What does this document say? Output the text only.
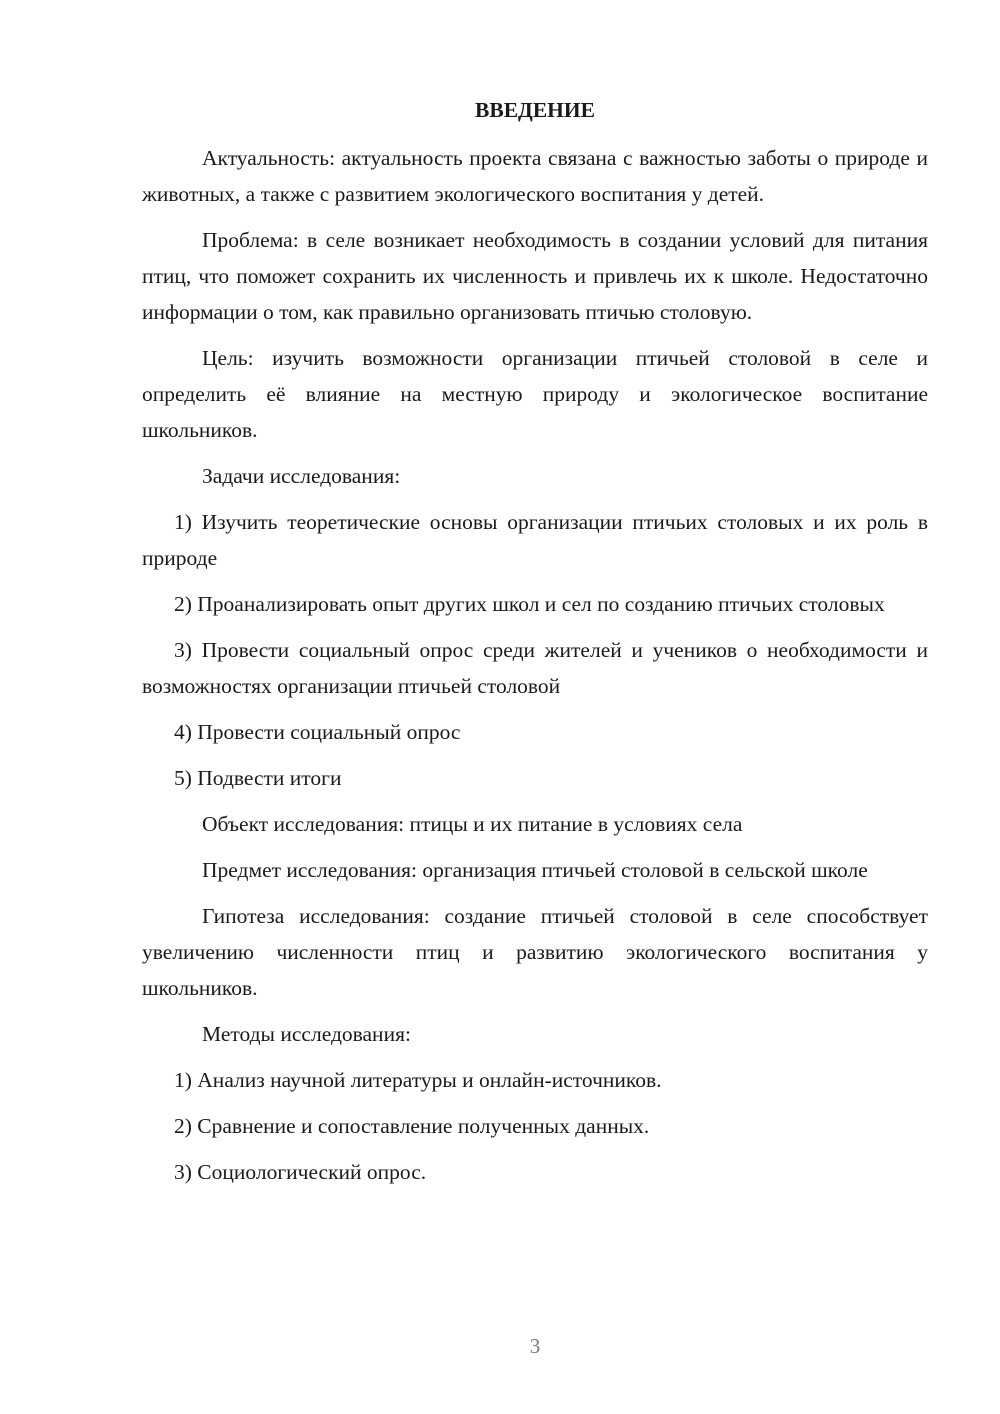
ВВЕДЕНИЕ

Актуальность: актуальность проекта связана с важностью заботы о природе и животных, а также с развитием экологического воспитания у детей.

Проблема: в селе возникает необходимость в создании условий для питания птиц, что поможет сохранить их численность и привлечь их к школе. Недостаточно информации о том, как правильно организовать птичью столовую.

Цель: изучить возможности организации птичьей столовой в селе и определить её влияние на местную природу и экологическое воспитание школьников.

Задачи исследования:

1) Изучить теоретические основы организации птичьих столовых и их роль в природе

2) Проанализировать опыт других школ и сел по созданию птичьих столовых

3) Провести социальный опрос среди жителей и учеников о необходимости и возможностях организации птичьей столовой

4) Провести социальный опрос

5) Подвести итоги

Объект исследования: птицы и их питание в условиях села

Предмет исследования: организация птичьей столовой в сельской школе

Гипотеза исследования: создание птичьей столовой в селе способствует увеличению численности птиц и развитию экологического воспитания у школьников.

Методы исследования:

1) Анализ научной литературы и онлайн-источников.

2) Сравнение и сопоставление полученных данных.

3) Социологический опрос.

3
